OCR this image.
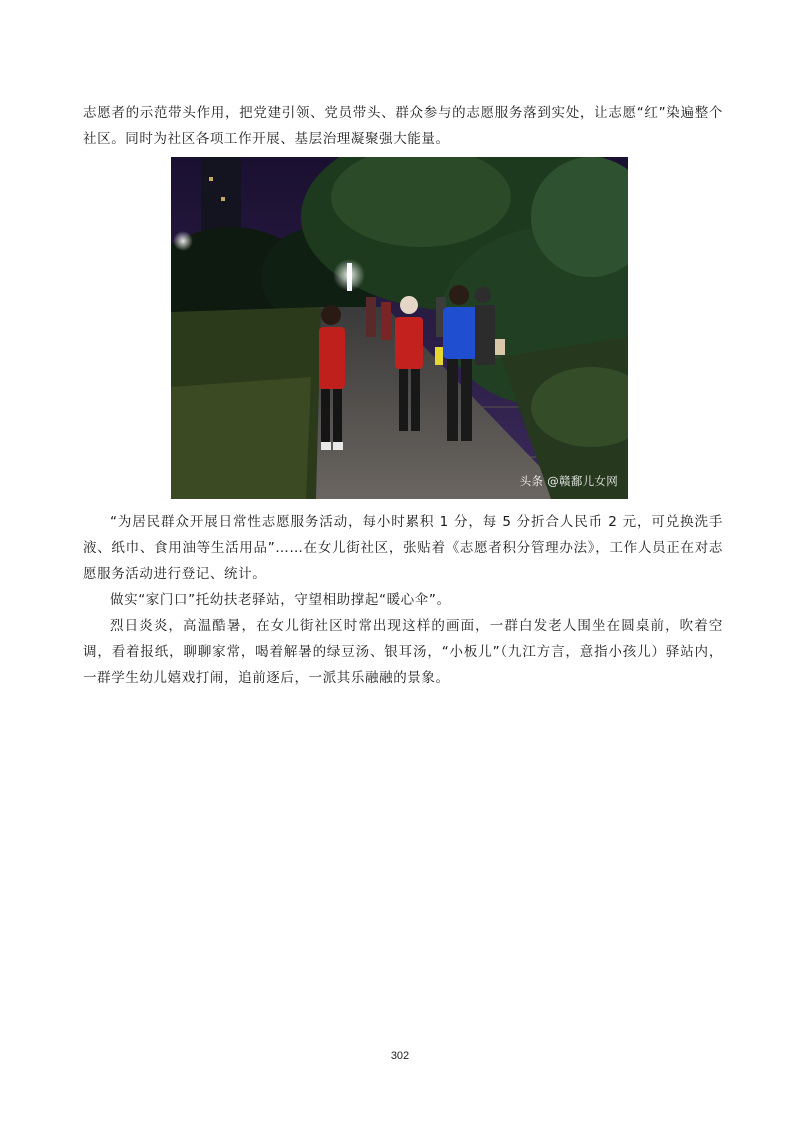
志愿者的示范带头作用，把党建引领、党员带头、群众参与的志愿服务落到实处，让志愿“红”染遍整个社区。同时为社区各项工作开展、基层治理凝聚强大能量。

头条 @赣鄱儿女网

“为居民群众开展日常性志愿服务活动，每小时累积 1 分，每 5 分折合人民币 2 元，可兑换洗手液、纸巾、食用油等生活用品”……在女儿街社区，张贴着《志愿者积分管理办法》，工作人员正在对志愿服务活动进行登记、统计。

做实“家门口”托幼扶老驿站，守望相助撑起“暖心伞”。

烈日炎炎，高温酷暑，在女儿街社区时常出现这样的画面，一群白发老人围坐在圆桌前，吹着空调，看着报纸，聊聊家常，喝着解暑的绿豆汤、银耳汤，“小板儿”（九江方言，意指小孩儿）驿站内，一群学生幼儿嬉戏打闹，追前逐后，一派其乐融融的景象。

302
